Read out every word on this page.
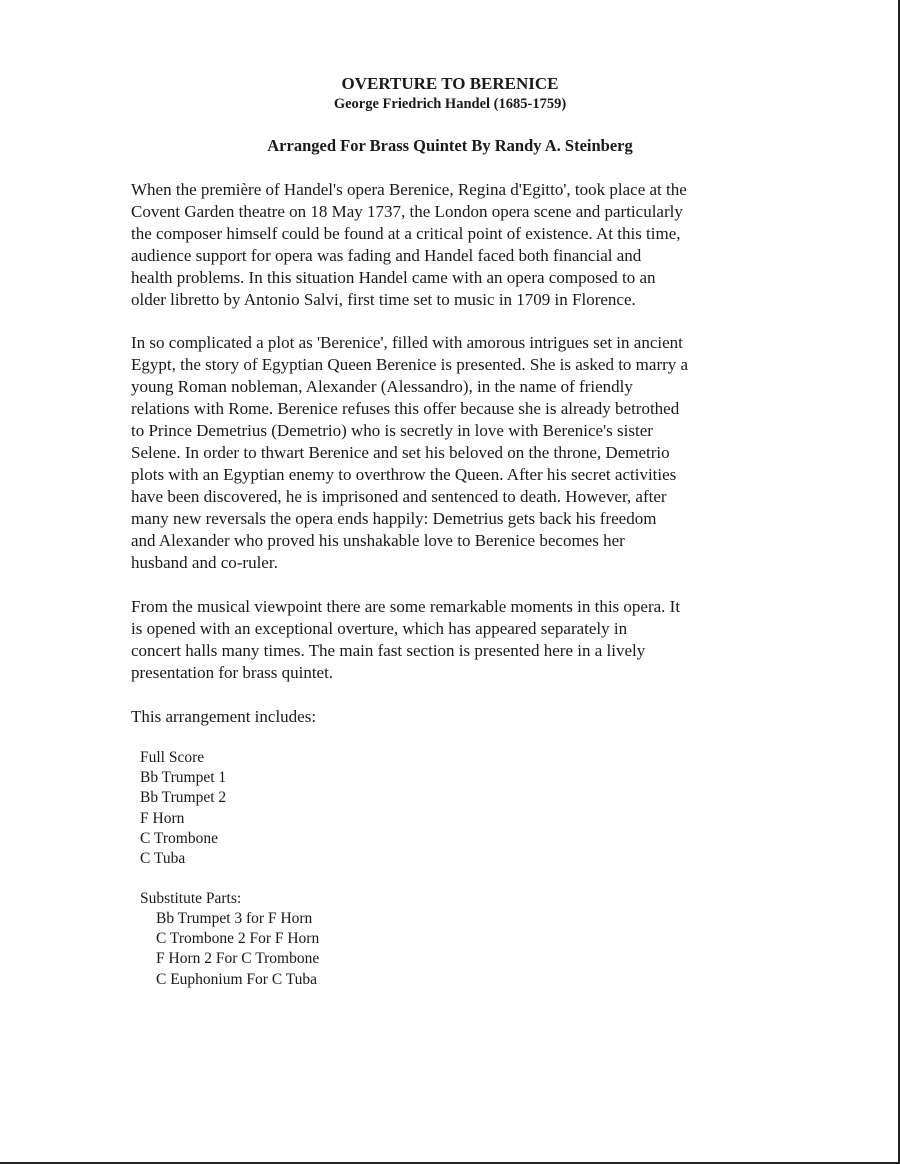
OVERTURE TO BERENICE
George Friedrich Handel (1685-1759)
Arranged For Brass Quintet By Randy A. Steinberg

When the première of Handel's opera Berenice, Regina d'Egitto', took place at the
Covent Garden theatre on 18 May 1737, the London opera scene and particularly
the composer himself could be found at a critical point of existence. At this time,
audience support for opera was fading and Handel faced both financial and
health problems. In this situation Handel came with an opera composed to an
older libretto by Antonio Salvi, first time set to music in 1709 in Florence.

In so complicated a plot as 'Berenice', filled with amorous intrigues set in ancient
Egypt, the story of Egyptian Queen Berenice is presented. She is asked to marry a
young Roman nobleman, Alexander (Alessandro), in the name of friendly
relations with Rome. Berenice refuses this offer because she is already betrothed
to Prince Demetrius (Demetrio) who is secretly in love with Berenice's sister
Selene. In order to thwart Berenice and set his beloved on the throne, Demetrio
plots with an Egyptian enemy to overthrow the Queen. After his secret activities
have been discovered, he is imprisoned and sentenced to death. However, after
many new reversals the opera ends happily: Demetrius gets back his freedom
and Alexander who proved his unshakable love to Berenice becomes her
husband and co-ruler.

From the musical viewpoint there are some remarkable moments in this opera. It
is opened with an exceptional overture, which has appeared separately in
concert halls many times. The main fast section is presented here in a lively
presentation for brass quintet.

This arrangement includes:

Full Score
Bb Trumpet 1
Bb Trumpet 2
F Horn
C Trombone
C Tuba
Substitute Parts:
Bb Trumpet 3 for F Horn
C Trombone 2 For F Horn
F Horn 2 For C Trombone
C Euphonium For C Tuba
